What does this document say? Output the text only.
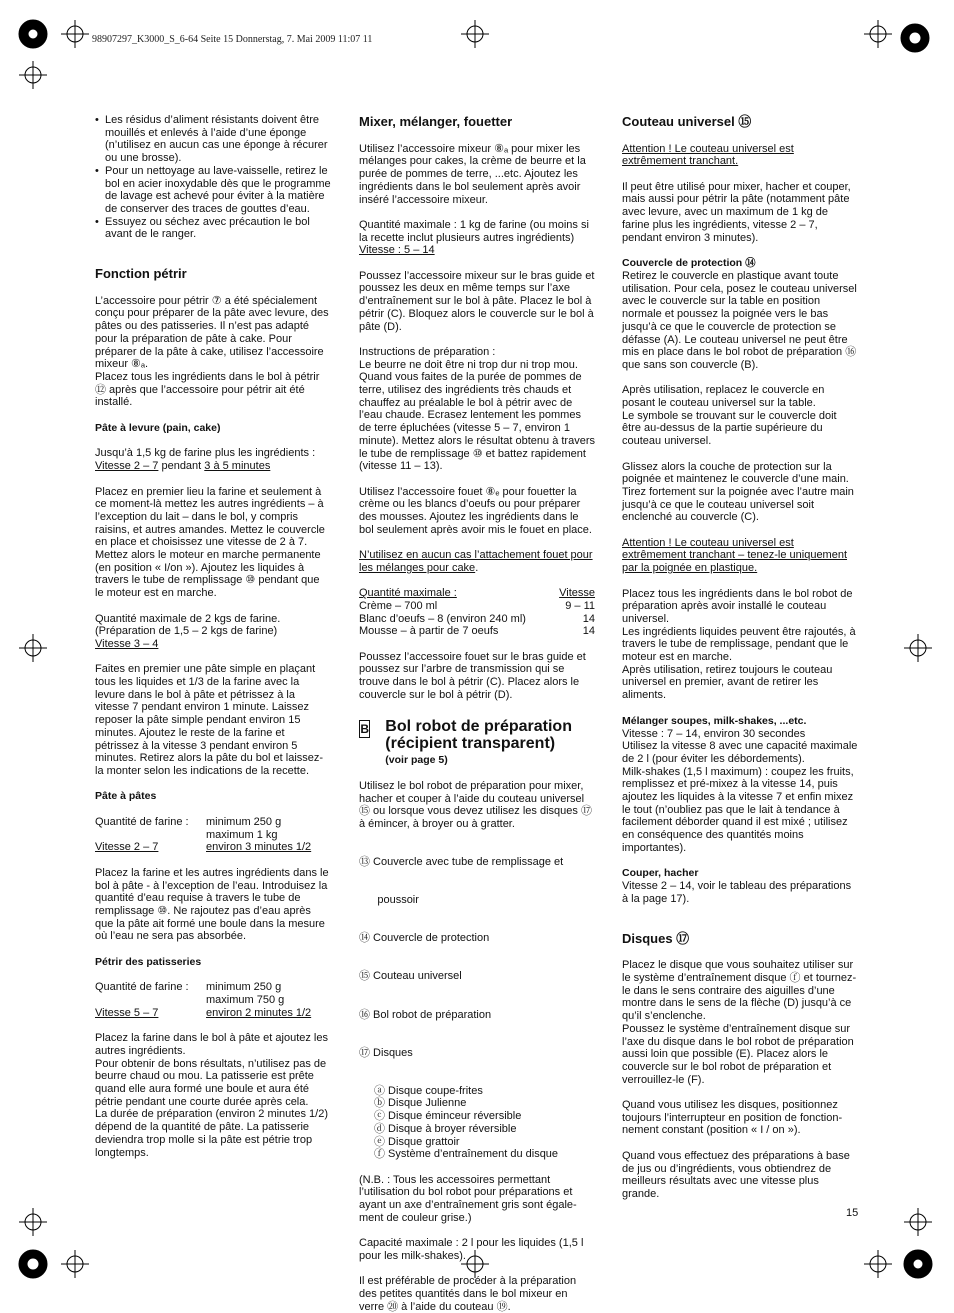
98907297_K3000_S_6-64 Seite 15 Donnerstag, 7. Mai 2009 11:07 11
• Les résidus d’aliment résistants doivent être mouillés et enlevés à l’aide d’une éponge (n’utilisez en aucun cas une éponge à récurer ou une brosse).
• Pour un nettoyage au lave-vaisselle, retirez le bol en acier inoxydable dès que le programme de lavage est achevé pour éviter à la matière de conserver des traces de gouttes d’eau.
• Essuyez ou séchez avec précaution le bol avant de le ranger.
Fonction pétrir

L’accessoire pour pétrir ⑦ a été spécialement conçu pour préparer de la pâte avec levure, des pâtes ou des patisseries. Il n’est pas adapté pour la préparation de pâte à cake. Pour préparer de la pâte à cake, utilisez l’accessoire mixeur ⑧ₐ.

Placez tous les ingrédients dans le bol à pétrir ⑫ après que l’accessoire pour pétrir ait été installé.

Pâte à levure (pain, cake)

Jusqu’à 1,5 kg de farine plus les ingrédients :

Vitesse 2 – 7 pendant 3 à 5 minutes

Placez en premier lieu la farine et seulement à ce moment-là mettez les autres ingrédients – à l’exception du lait – dans le bol, y compris raisins, et autres amandes. Mettez le couvercle en place et choisissez une vitesse de 2 à 7. Mettez alors le moteur en marche permanente (en position « I/on »). Ajoutez les liquides à travers le tube de remplissage ⑩ pendant que le moteur est en marche.

Quantité maximale de 2 kgs de farine.

(Préparation de 1,5 – 2 kgs de farine)

Vitesse 3 – 4

Faites en premier une pâte simple en plaçant tous les liquides et 1/3 de la farine avec la levure dans le bol à pâte et pétrissez à la vitesse 7 pendant environ 1 minute. Laissez reposer la pâte simple pendant environ 15 minutes. Ajoutez le reste de la farine et pétrissez à la vitesse 3 pendant environ 5 minutes. Retirez alors la pâte du bol et laissez-la monter selon les indications de la recette.

Pâte à pâtes
Quantité de farine :	minimum 250 g
maximum 1 kg
Vitesse 2 – 7	environ 3 minutes 1/2

Placez la farine et les autres ingrédients dans le bol à pâte - à l’exception de l’eau. Introduisez la quantité d’eau requise à travers le tube de remplissage ⑩. Ne rajoutez pas d’eau après que la pâte ait formé une boule dans la mesure où l’eau ne sera pas absorbée.

Pétrir des patisseries
Quantité de farine :	minimum 250 g
maximum 750 g
Vitesse 5 – 7	environ 2 minutes 1/2

Placez la farine dans le bol à pâte et ajoutez les autres ingrédients.

Pour obtenir de bons résultats, n’utilisez pas de beurre chaud ou mou. La patisserie est prête quand elle aura formé une boule et aura été pétrie pendant une courte durée après cela.

La durée de préparation (environ 2 minutes 1/2) dépend de la quantité de pâte. La patisserie deviendra trop molle si la pâte est pétrie trop longtemps.

Mixer, mélanger, fouetter

Utilisez l’accessoire mixeur ⑧ₐ pour mixer les mélanges pour cakes, la crème de beurre et la purée de pommes de terre, ...etc. Ajoutez les ingrédients dans le bol seulement après avoir inséré l’accessoire mixeur.

Quantité maximale : 1 kg de farine (ou moins si la recette inclut plusieurs autres ingrédients)

Vitesse : 5 – 14

Poussez l’accessoire mixeur sur le bras guide et poussez les deux en même temps sur l’axe d’entraînement sur le bol à pâte. Placez le bol à pétrir (C). Bloquez alors le couvercle sur le bol à pâte (D).

Instructions de préparation :

Le beurre ne doit être ni trop dur ni trop mou. Quand vous faites de la purée de pommes de terre, utilisez des ingrédients très chauds et chauffez au préalable le bol à pétrir avec de l’eau chaude. Ecrasez lentement les pommes de terre épluchées (vitesse 5 – 7, environ 1 minute). Mettez alors le résultat obtenu à travers le tube de remplissage ⑩ et battez rapidement (vitesse 11 – 13).

Utilisez l’accessoire fouet ⑧ₑ pour fouetter la crème ou les blancs d’oeufs ou pour préparer des mousses. Ajoutez les ingrédients dans le bol seulement après avoir mis le fouet en place.

N’utilisez en aucun cas l’attachement fouet pour les mélanges pour cake.

Quantité maximale :	Vitesse
Crème – 700 ml	9 – 11
Blanc d’oeufs – 8 (environ 240 ml)	14
Mousse – à partir de 7 oeufs	14

Poussez l’accessoire fouet sur le bras guide et poussez sur l’arbre de transmission qui se trouve dans le bol à pétrir (C). Placez alors le couvercle sur le bol à pétrir (D).

B Bol robot de préparation (récipient transparent)
(voir page 5)

Utilisez le bol robot de préparation pour mixer, hacher et couper à l’aide du couteau universel ⑮ ou lorsque vous devez utilisez les disques ⑰ à émincer, à broyer ou à gratter.

⑬ Couvercle avec tube de remplissage et

poussoir

⑭ Couvercle de protection

⑮ Couteau universel

⑯ Bol robot de préparation

⑰ Disques

ⓐ Disque coupe-frites

ⓑ Disque Julienne

ⓒ Disque éminceur réversible

ⓓ Disque à broyer réversible

ⓔ Disque grattoir

ⓕ Système d’entraînement du disque

(N.B. : Tous les accessoires permettant l’utilisation du bol robot pour préparations et ayant un axe d’entraînement gris sont égale- ment de couleur grise.)

Capacité maximale : 2 l pour les liquides (1,5 l pour les milk-shakes).

Il est préférable de procéder à la préparation des petites quantités dans le bol mixeur en verre ⑳ à l’aide du couteau ⑲.

Couteau universel ⑮

Attention ! Le couteau universel est extrêmement tranchant.

Il peut être utilisé pour mixer, hacher et couper, mais aussi pour pétrir la pâte (notamment pâte avec levure, avec un maximum de 1 kg de farine plus les ingrédients, vitesse 2 – 7, pendant environ 3 minutes).

Couvercle de protection ⑭

Retirez le couvercle en plastique avant toute utilisation. Pour cela, posez le couteau universel avec le couvercle sur la table en position normale et poussez la poignée vers le bas jusqu’à ce que le couvercle de protection se défasse (A). Le couteau universel ne peut être mis en place dans le bol robot de préparation ⑯ que sans son couvercle (B).

Après utilisation, replacez le couvercle en posant le couteau universel sur la table.

Le symbole se trouvant sur le couvercle doit être au-dessus de la partie supérieure du couteau universel.

Glissez alors la couche de protection sur la poignée et maintenez le couvercle d’une main. Tirez fortement sur la poignée avec l’autre main jusqu’à ce que le couteau universel soit enclenché au couvercle (C).

Attention ! Le couteau universel est extrêmement tranchant – tenez-le uniquement par la poignée en plastique.

Placez tous les ingrédients dans le bol robot de préparation après avoir installé le couteau universel.

Les ingrédients liquides peuvent être rajoutés, à travers le tube de remplissage, pendant que le moteur est en marche.

Après utilisation, retirez toujours le couteau universel en premier, avant de retirer les aliments.

Mélanger soupes, milk-shakes, ...etc.

Vitesse : 7 – 14, environ 30 secondes

Utilisez la vitesse 8 avec une capacité maximale de 2 l (pour éviter les débordements).

Milk-shakes (1,5 l maximum) : coupez les fruits, remplissez et pré-mixez à la vitesse 14, puis ajoutez les liquides à la vitesse 7 et enfin mixez le tout (n’oubliez pas que le lait à tendance à facilement déborder quand il est mixé ; utilisez en conséquence des quantités moins importantes).

Couper, hacher

Vitesse 2 – 14, voir le tableau des préparations à la page 17).

Disques ⑰

Placez le disque que vous souhaitez utiliser sur le système d’entraînement disque ⓕ et tournez-le dans le sens contraire des aiguilles d’une montre dans le sens de la flèche (D) jusqu’à ce qu’il s’enclenche.

Poussez le système d’entraînement disque sur l’axe du disque dans le bol robot de préparation aussi loin que possible (E). Placez alors le couvercle sur le bol robot de préparation et verrouillez-le (F).

Quand vous utilisez les disques, positionnez toujours l’interrupteur en position de fonction- nement constant (position « I / on »).

Quand vous effectuez des préparations à base de jus ou d’ingrédients, vous obtiendrez de meilleurs résultats avec une vitesse plus grande.

15
